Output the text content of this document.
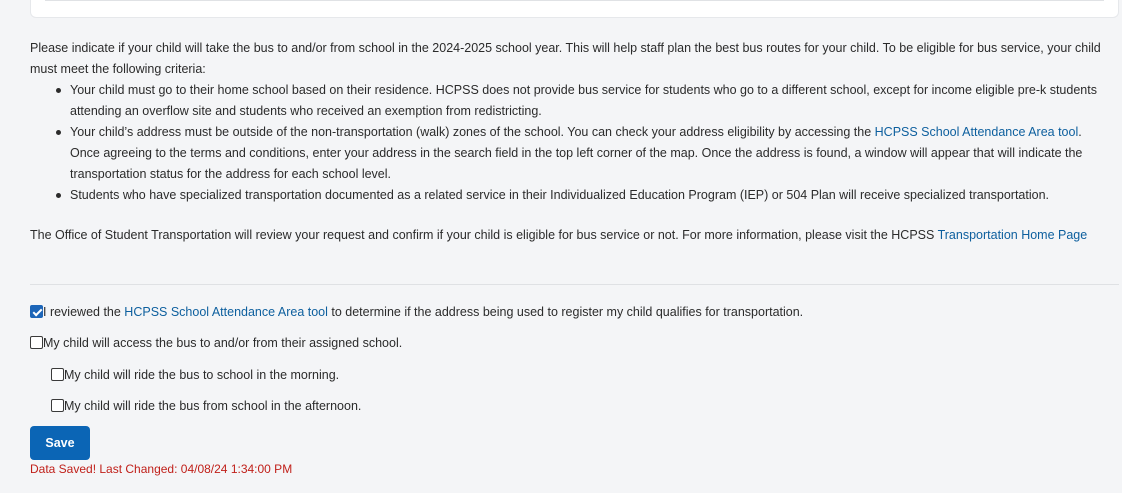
Please indicate if your child will take the bus to and/or from school in the 2024-2025 school year. This will help staff plan the best bus routes for your child. To be eligible for bus service, your child must meet the following criteria:

Your child must go to their home school based on their residence. HCPSS does not provide bus service for students who go to a different school, except for income eligible pre-k students attending an overflow site and students who received an exemption from redistricting.
Your child’s address must be outside of the non-transportation (walk) zones of the school. You can check your address eligibility by accessing the HCPSS School Attendance Area tool. Once agreeing to the terms and conditions, enter your address in the search field in the top left corner of the map. Once the address is found, a window will appear that will indicate the transportation status for the address for each school level.
Students who have specialized transportation documented as a related service in their Individualized Education Program (IEP) or 504 Plan will receive specialized transportation.

The Office of Student Transportation will review your request and confirm if your child is eligible for bus service or not. For more information, please visit the HCPSS Transportation Home Page

I reviewed the HCPSS School Attendance Area tool to determine if the address being used to register my child qualifies for transportation.
My child will access the bus to and/or from their assigned school.
My child will ride the bus to school in the morning.
My child will ride the bus from school in the afternoon.
Save
Data Saved! Last Changed: 04/08/24 1:34:00 PM
